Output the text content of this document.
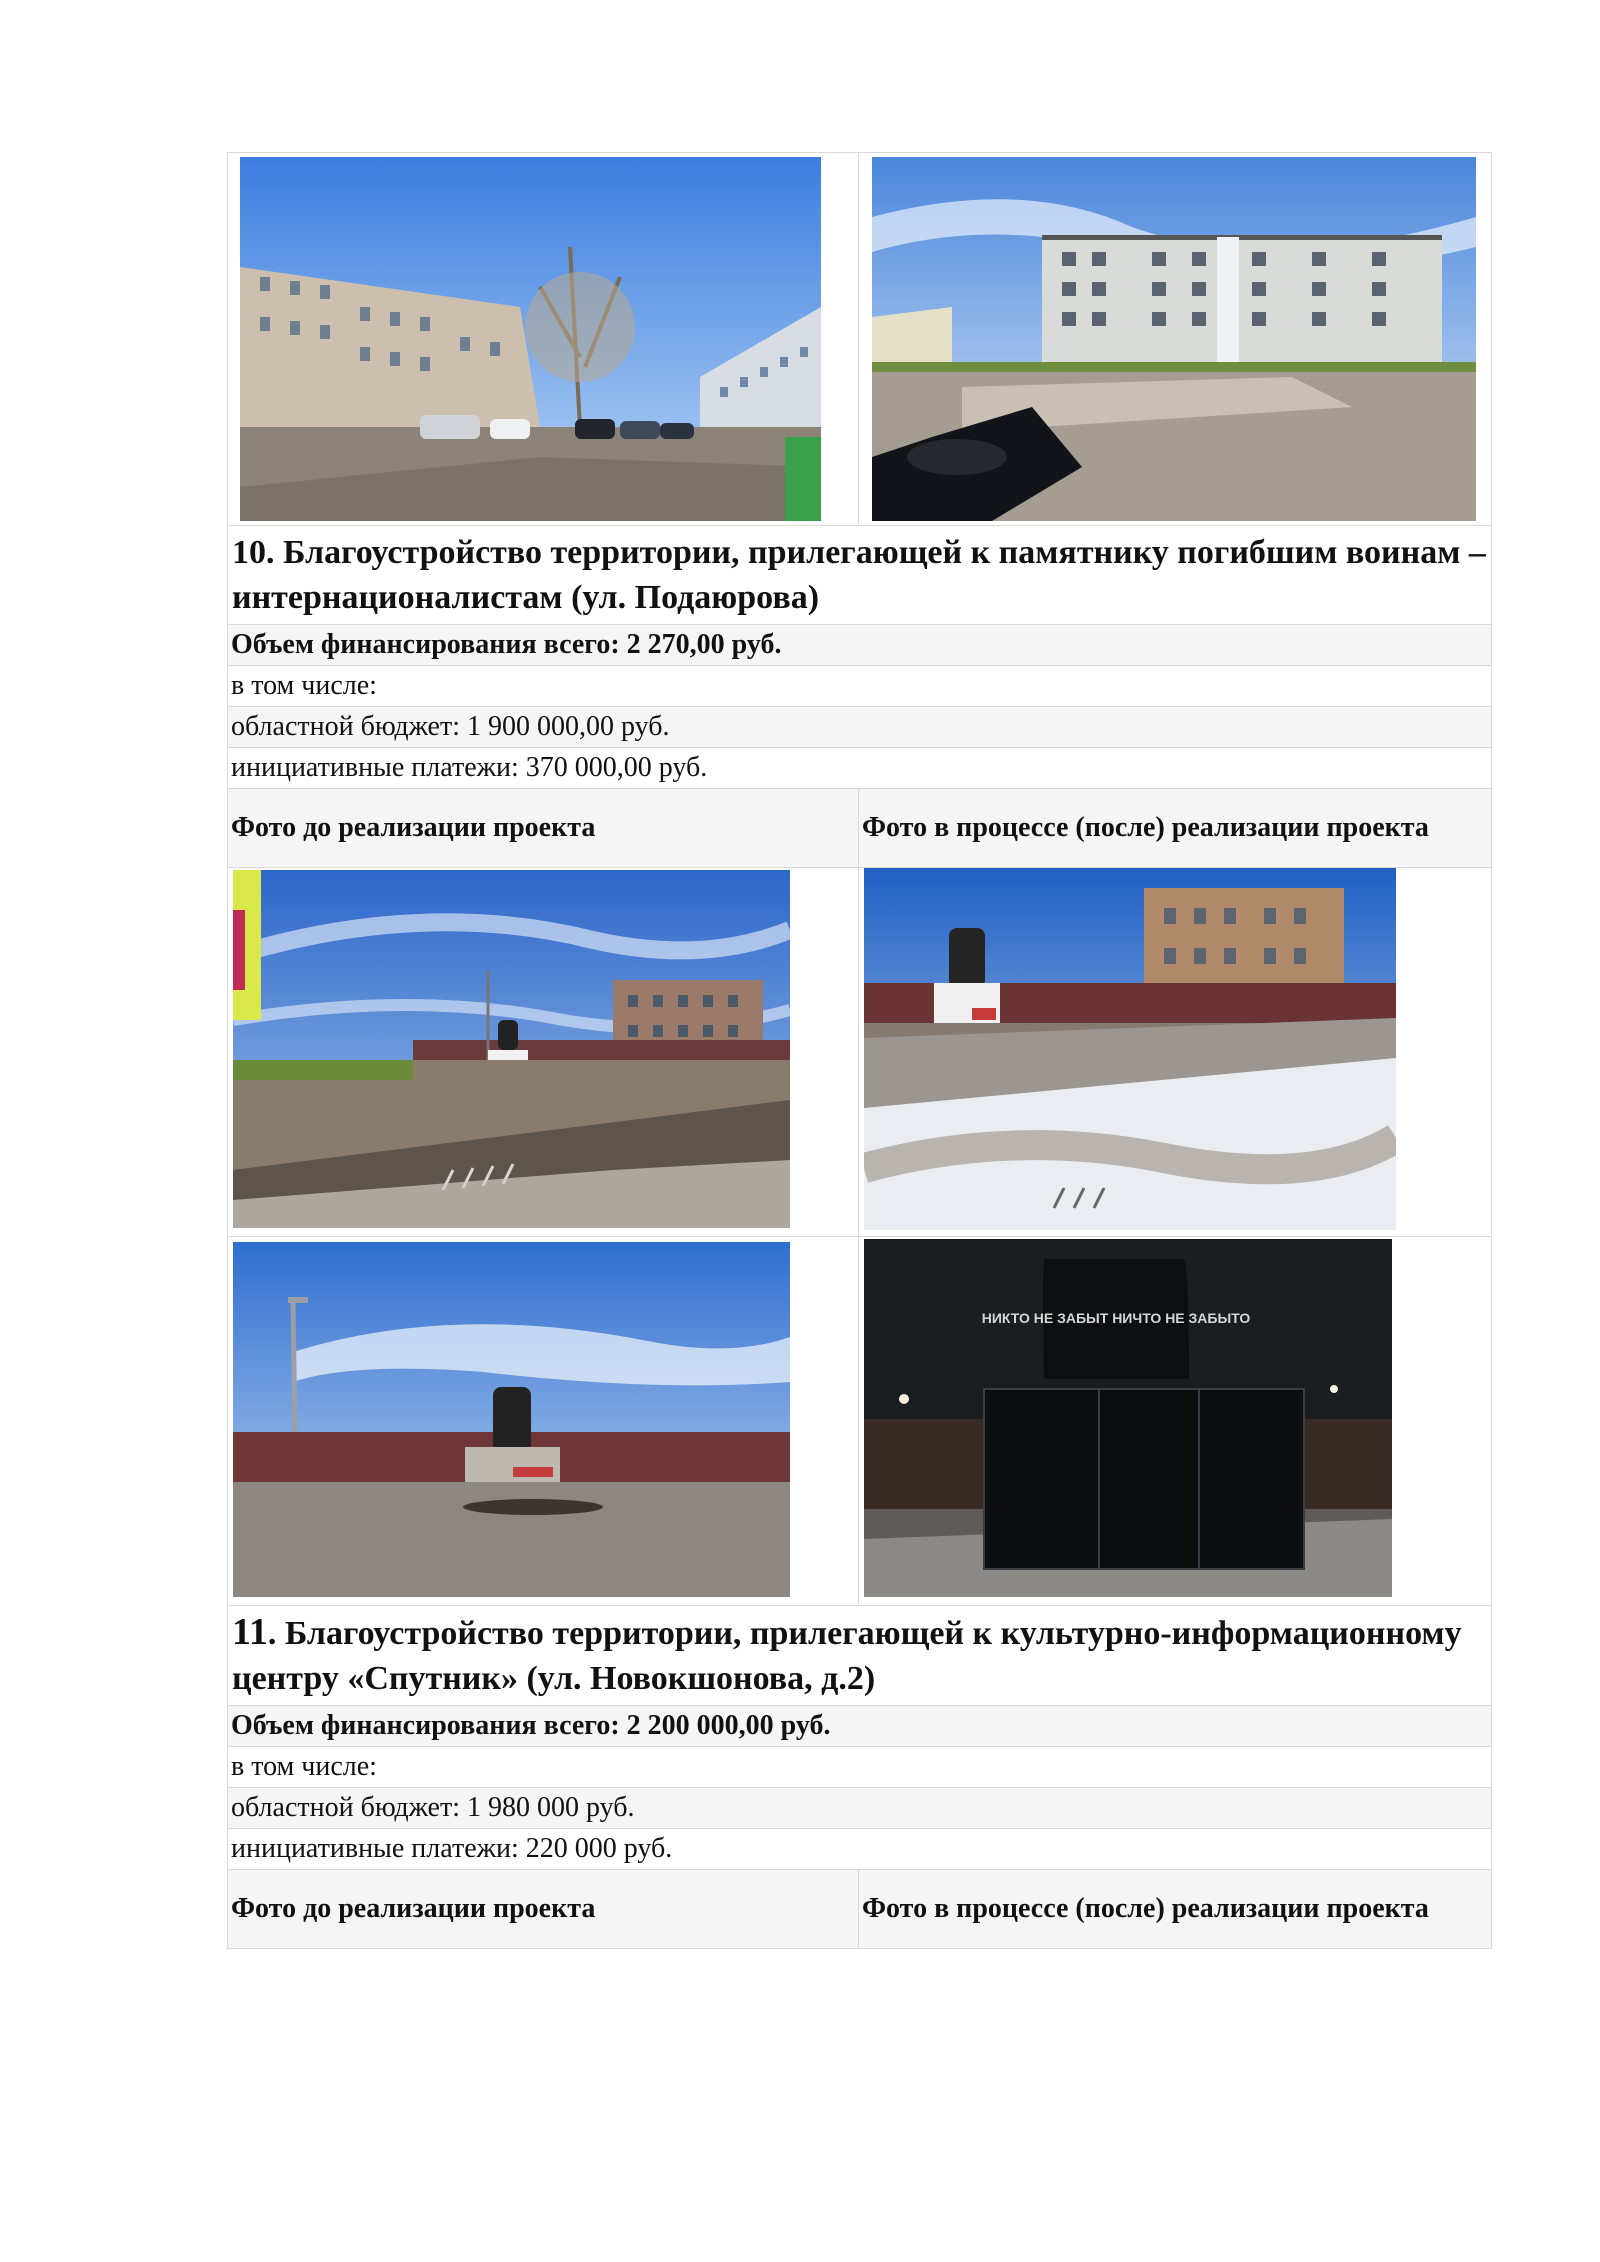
10. Благоустройство территории, прилегающей к памятнику погибшим воинам – интернационалистам (ул. Подаюрова)	
Объем финансирования всего: 2 270,00 руб.	
в том числе:	
областной бюджет: 1 900 000,00 руб.	
инициативные платежи: 370 000,00 руб.	
Фото до реализации проекта	Фото в процессе (после) реализации проекта

НИКТО НЕ ЗАБЫТ НИЧТО НЕ ЗАБЫТО

11. Благоустройство территории, прилегающей к культурно-информационному центру «Спутник» (ул. Новокшонова, д.2)	
Объем финансирования всего: 2 200 000,00 руб.	
в том числе:	
областной бюджет: 1 980 000 руб.	
инициативные платежи: 220 000 руб.	
Фото до реализации проекта	Фото в процессе (после) реализации проекта
